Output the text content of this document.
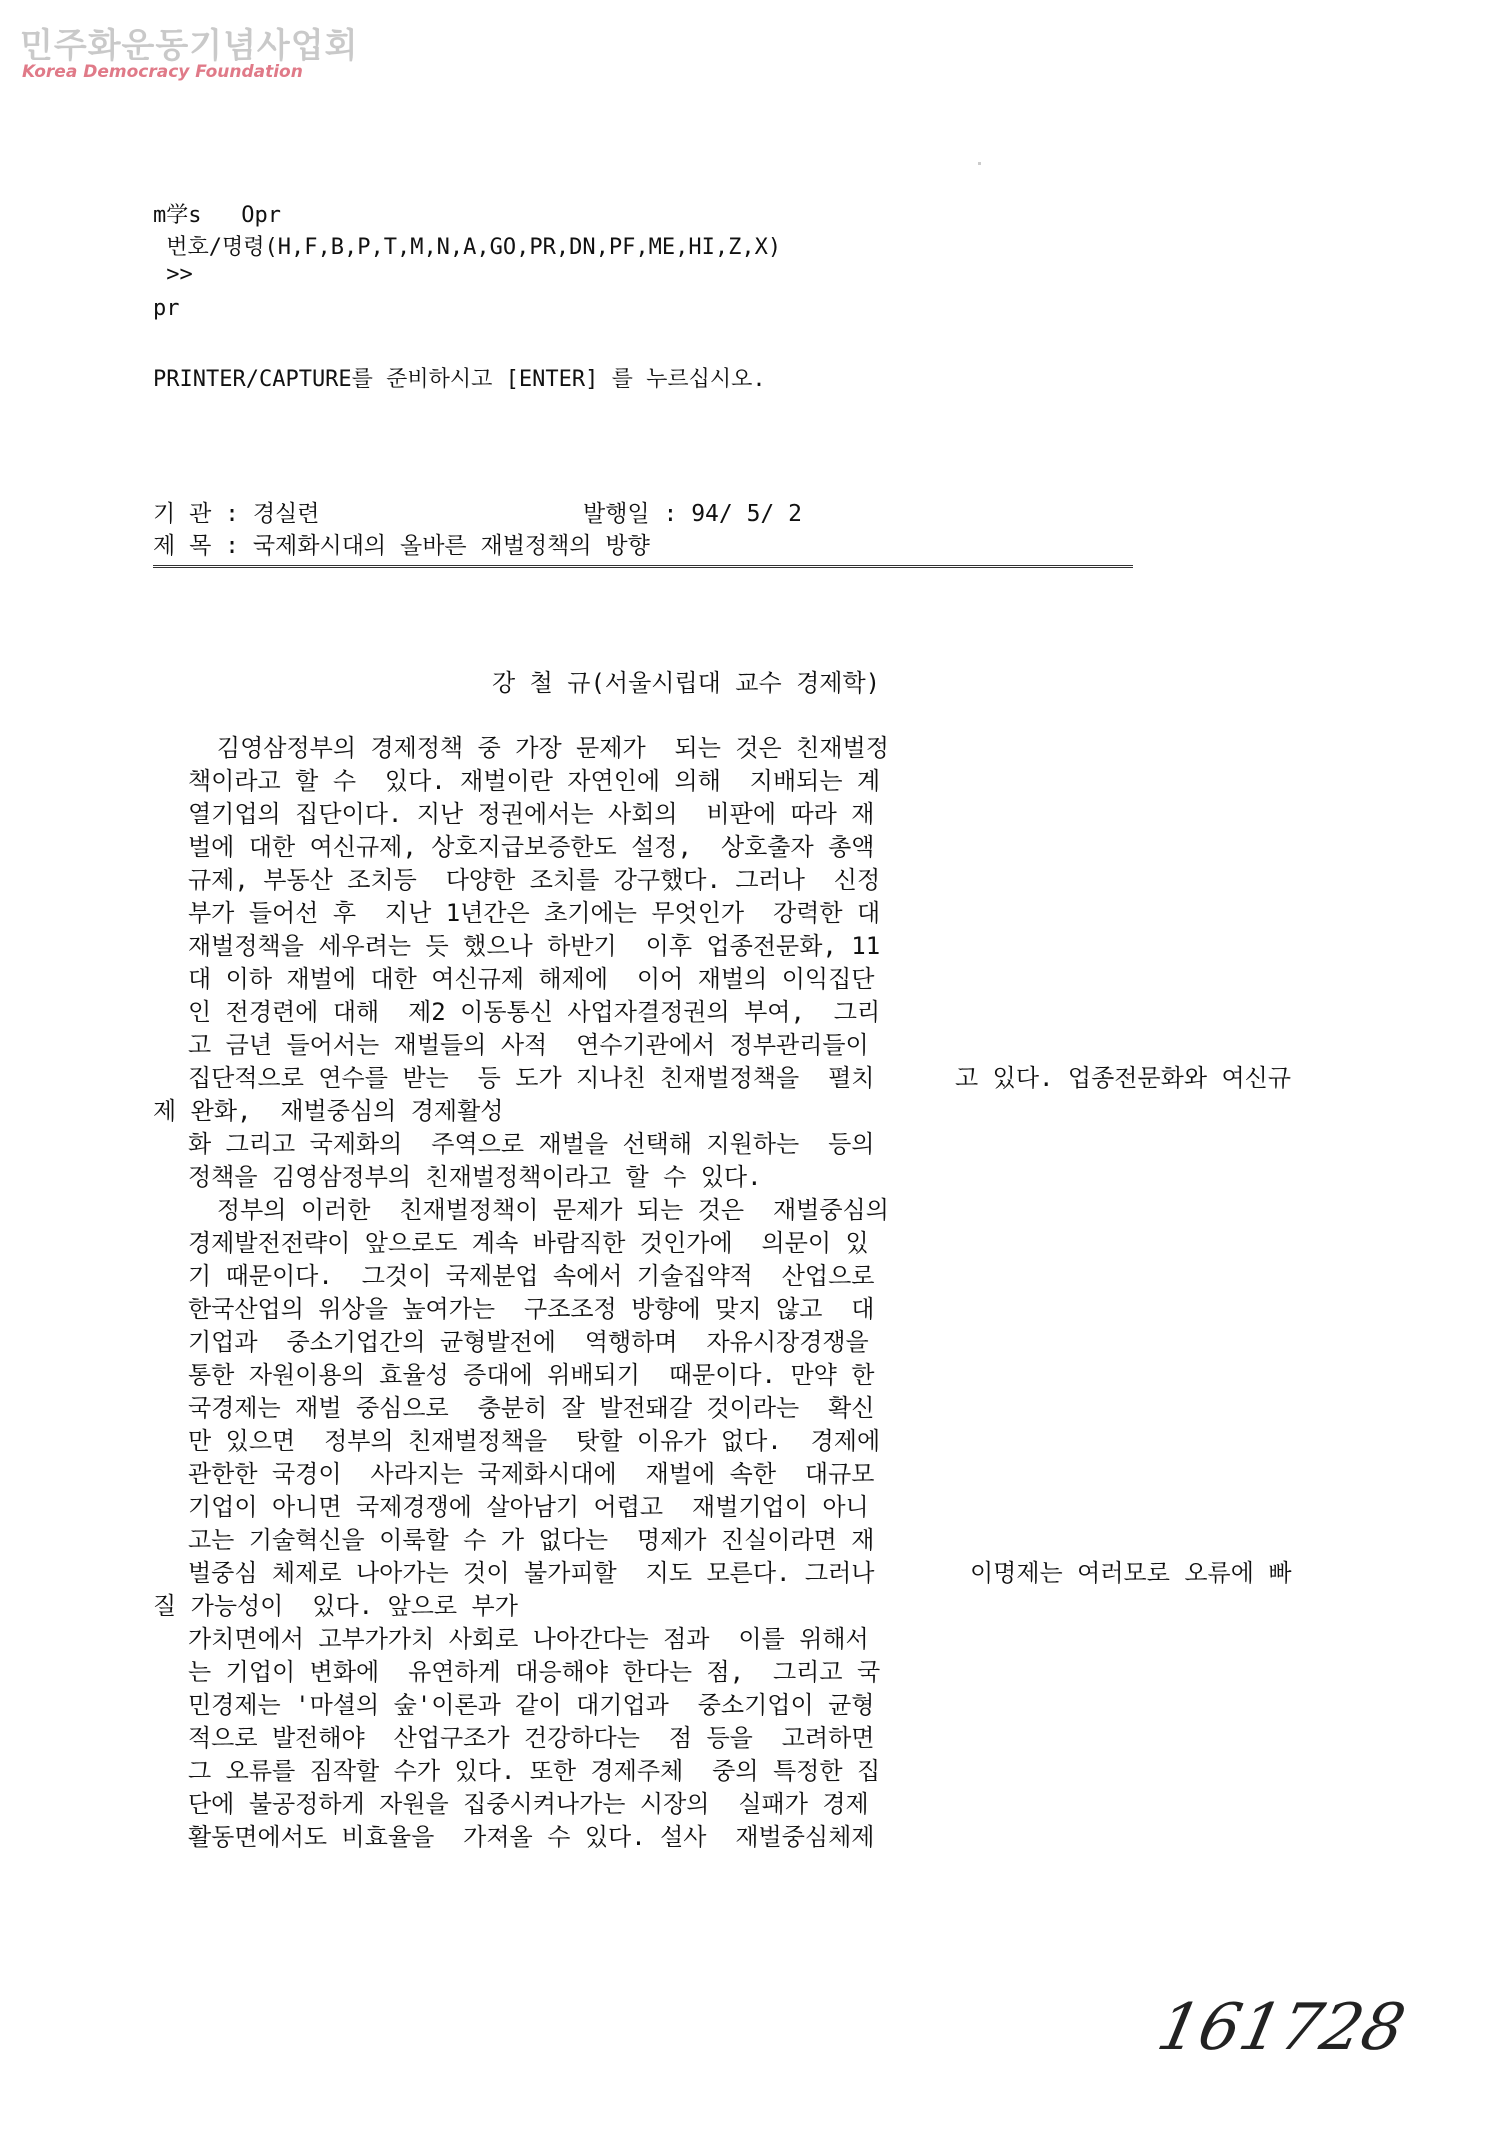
민주화운동기념사업회
Korea Democracy Foundation
m学s   Opr
번호/명령(H,F,B,P,T,M,N,A,GO,PR,DN,PF,ME,HI,Z,X)
>>
pr
PRINTER/CAPTURE를 준비하시고 [ENTER] 를 누르십시오.
기 관 : 경실련	발행일 : 94/ 5/ 2
제 목 : 국제화시대의 올바른 재벌정책의 방향
강 철 규(서울시립대 교수 경제학)
김영삼정부의 경제정책 중 가장 문제가  되는 것은 친재벌정
책이라고 할 수  있다. 재벌이란 자연인에 의해  지배되는 계
열기업의 집단이다. 지난 정권에서는 사회의  비판에 따라 재
벌에 대한 여신규제, 상호지급보증한도 설정,  상호출자 총액
규제, 부동산 조치등  다양한 조치를 강구했다. 그러나  신정
부가 들어선 후  지난 1년간은 초기에는 무엇인가  강력한 대
재벌정책을 세우려는 듯 했으나 하반기  이후 업종전문화, 11
대 이하 재벌에 대한 여신규제 해제에  이어 재벌의 이익집단
인 전경련에 대해  제2 이동통신 사업자결정권의 부여,  그리
고 금년 들어서는 재벌들의 사적  연수기관에서 정부관리들이
집단적으로 연수를 받는  등 도가 지나친 친재벌정책을  펼치	고 있다. 업종전문화와 여신규
제 완화,  재벌중심의 경제활성
화 그리고 국제화의  주역으로 재벌을 선택해 지원하는  등의
정책을 김영삼정부의 친재벌정책이라고 할 수 있다.
정부의 이러한  친재벌정책이 문제가 되는 것은  재벌중심의
경제발전전략이 앞으로도 계속 바람직한 것인가에  의문이 있
기 때문이다.  그것이 국제분업 속에서 기술집약적  산업으로
한국산업의 위상을 높여가는  구조조정 방향에 맞지 않고  대
기업과  중소기업간의 균형발전에  역행하며  자유시장경쟁을
통한 자원이용의 효율성 증대에 위배되기  때문이다. 만약 한
국경제는 재벌 중심으로  충분히 잘 발전돼갈 것이라는  확신
만 있으면  정부의 친재벌정책을  탓할 이유가 없다.  경제에
관한한 국경이  사라지는 국제화시대에  재벌에 속한  대규모
기업이 아니면 국제경쟁에 살아남기 어렵고  재벌기업이 아니
고는 기술혁신을 이룩할 수 가 없다는  명제가 진실이라면 재
벌중심 체제로 나아가는 것이 불가피할  지도 모른다. 그러나	이명제는 여러모로 오류에 빠
질 가능성이  있다. 앞으로 부가
가치면에서 고부가가치 사회로 나아간다는 점과  이를 위해서
는 기업이 변화에  유연하게 대응해야 한다는 점,  그리고 국
민경제는 '마셜의 숲'이론과 같이 대기업과  중소기업이 균형
적으로 발전해야  산업구조가 건강하다는  점 등을  고려하면
그 오류를 짐작할 수가 있다. 또한 경제주체  중의 특정한 집
단에 불공정하게 자원을 집중시켜나가는 시장의  실패가 경제
활동면에서도 비효율을  가져올 수 있다. 설사  재벌중심체제
161728
